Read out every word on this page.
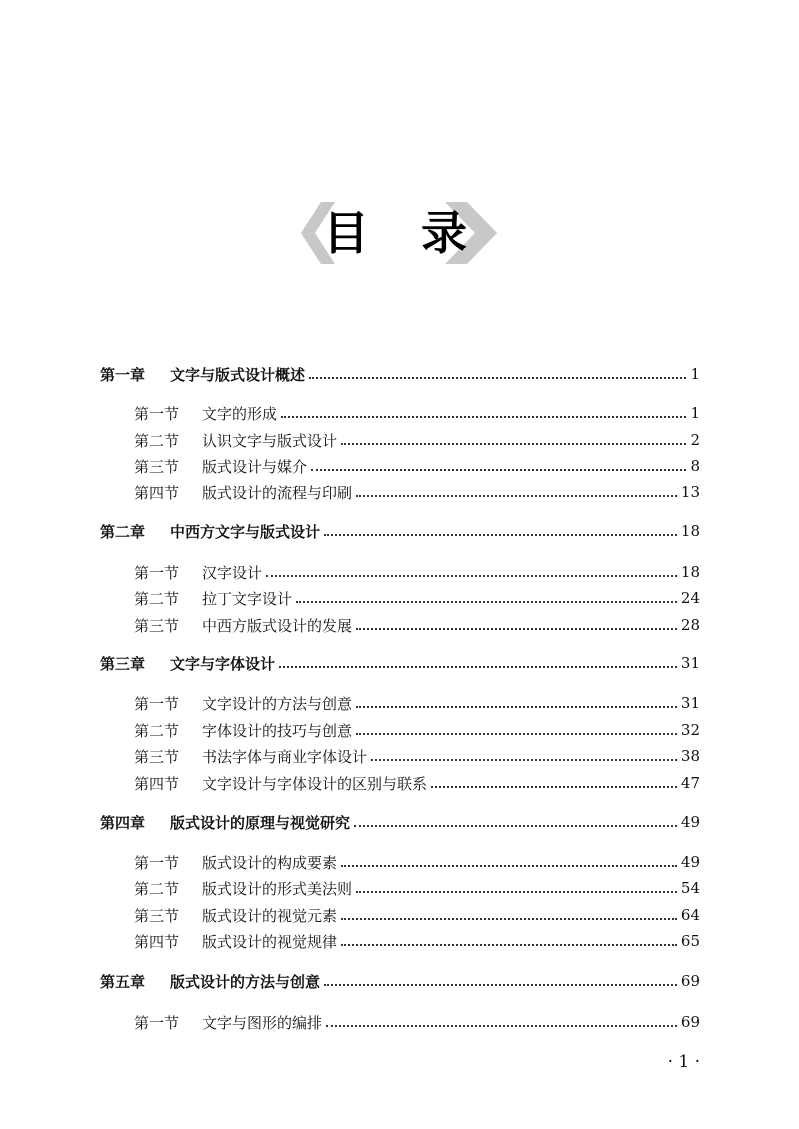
目 录
第一章	文字与版式设计概述	1
第一节	文字的形成	1
第二节	认识文字与版式设计	2
第三节	版式设计与媒介	8
第四节	版式设计的流程与印刷	13
第二章	中西方文字与版式设计	18
第一节	汉字设计	18
第二节	拉丁文字设计	24
第三节	中西方版式设计的发展	28
第三章	文字与字体设计	31
第一节	文字设计的方法与创意	31
第二节	字体设计的技巧与创意	32
第三节	书法字体与商业字体设计	38
第四节	文字设计与字体设计的区别与联系	47
第四章	版式设计的原理与视觉研究	49
第一节	版式设计的构成要素	49
第二节	版式设计的形式美法则	54
第三节	版式设计的视觉元素	64
第四节	版式设计的视觉规律	65
第五章	版式设计的方法与创意	69
第一节	文字与图形的编排	69
· 1 ·
